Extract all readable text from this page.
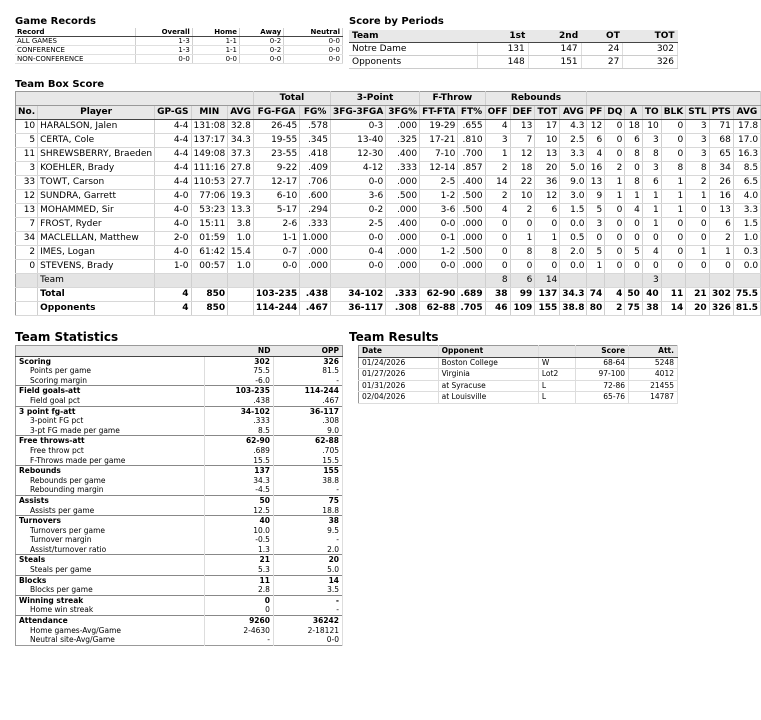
Game Records
Record	Overall	Home	Away	Neutral
ALL GAMES	1-3	1-1	0-2	0-0
CONFERENCE	1-3	1-1	0-2	0-0
NON-CONFERENCE	0-0	0-0	0-0	0-0
Score by Periods
Team	1st	2nd	OT	TOT
Notre Dame	131	147	24	302
Opponents	148	151	27	326
Team Box Score
					Total		3-Point		F-Throw		Rebounds											
No.	Player	GP-GS	MIN	AVG	FG-FGA	FG%	3FG-3FGA	3FG%	FT-FTA	FT%	OFF	DEF	TOT	AVG	PF	DQ	A	TO	BLK	STL	PTS	AVG
10	HARALSON, Jalen	4-4	131:08	32.8	26-45	.578	0-3	.000	19-29	.655	4	13	17	4.3	12	0	18	10	0	3	71	17.8
5	CERTA, Cole	4-4	137:17	34.3	19-55	.345	13-40	.325	17-21	.810	3	7	10	2.5	6	0	6	3	0	3	68	17.0
11	SHREWSBERRY, Braeden	4-4	149:08	37.3	23-55	.418	12-30	.400	7-10	.700	1	12	13	3.3	4	0	8	8	0	3	65	16.3
3	KOEHLER, Brady	4-4	111:16	27.8	9-22	.409	4-12	.333	12-14	.857	2	18	20	5.0	16	2	0	3	8	8	34	8.5
33	TOWT, Carson	4-4	110:53	27.7	12-17	.706	0-0	.000	2-5	.400	14	22	36	9.0	13	1	8	6	1	2	26	6.5
12	SUNDRA, Garrett	4-0	77:06	19.3	6-10	.600	3-6	.500	1-2	.500	2	10	12	3.0	9	1	1	1	1	1	16	4.0
13	MOHAMMED, Sir	4-0	53:23	13.3	5-17	.294	0-2	.000	3-6	.500	4	2	6	1.5	5	0	4	1	1	0	13	3.3
7	FROST, Ryder	4-0	15:11	3.8	2-6	.333	2-5	.400	0-0	.000	0	0	0	0.0	3	0	0	1	0	0	6	1.5
34	MACLELLAN, Matthew	2-0	01:59	1.0	1-1	1.000	0-0	.000	0-1	.000	0	1	1	0.5	0	0	0	0	0	0	2	1.0
2	IMES, Logan	4-0	61:42	15.4	0-7	.000	0-4	.000	1-2	.500	0	8	8	2.0	5	0	5	4	0	1	1	0.3
0	STEVENS, Brady	1-0	00:57	1.0	0-0	.000	0-0	.000	0-0	.000	0	0	0	0.0	1	0	0	0	0	0	0	0.0
	Team										8	6	14					3				
	Total	4	850		103-235	.438	34-102	.333	62-90	.689	38	99	137	34.3	74	4	50	40	11	21	302	75.5
	Opponents	4	850		114-244	.467	36-117	.308	62-88	.705	46	109	155	38.8	80	2	75	38	14	20	326	81.5
Team Statistics
	ND	OPP
Scoring	302	326
Points per game	75.5	81.5
Scoring margin	-6.0	-
Field goals-att	103-235	114-244
Field goal pct	.438	.467
3 point fg-att	34-102	36-117
3-point FG pct	.333	.308
3-pt FG made per game	8.5	9.0
Free throws-att	62-90	62-88
Free throw pct	.689	.705
F-Throws made per game	15.5	15.5
Rebounds	137	155
Rebounds per game	34.3	38.8
Rebounding margin	-4.5	-
Assists	50	75
Assists per game	12.5	18.8
Turnovers	40	38
Turnovers per game	10.0	9.5
Turnover margin	-0.5	-
Assist/turnover ratio	1.3	2.0
Steals	21	20
Steals per game	5.3	5.0
Blocks	11	14
Blocks per game	2.8	3.5
Winning streak	0	-
Home win streak	0	-
Attendance	9260	36242
Home games-Avg/Game	2-4630	2-18121
Neutral site-Avg/Game	-	0-0
Team Results
Date	Opponent		Score	Att.
01/24/2026	Boston College	W	68-64	5248
01/27/2026	Virginia	Lot2	97-100	4012
01/31/2026	at Syracuse	L	72-86	21455
02/04/2026	at Louisville	L	65-76	14787
